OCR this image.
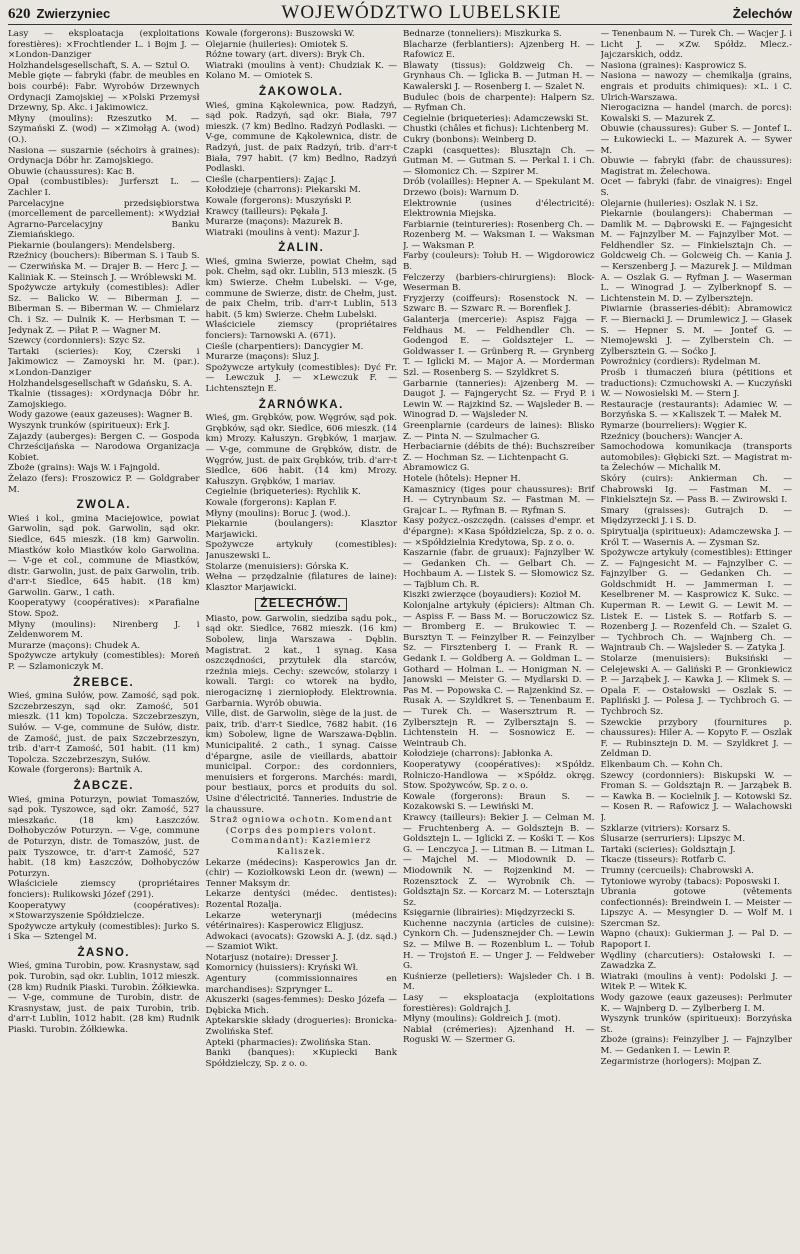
620 Zwierzyniec	WOJEWÓDZTWO LUBELSKIE	Żelechów

Lasy — eksploatacja (exploitations forestières): ×Frochtlender L. i Bojm J. — ×London-Danziger Holzhandelsgesellschaft, S. A. — Sztul O.

Meble gięte — fabryki (fabr. de meubles en bois courbé): Fabr. Wyrobów Drzewnych Ordynacji Zamojskiej — ×Polski Przemysł Drzewny, Sp. Akc. i Jakimowicz.

Młyny (moulins): Rzeszutko M. — Szymański Z. (wod) — ×Zimołąg A. (wod) (O.).

Nasiona — suszarnie (séchoirs à graines): Ordynacja Dóbr hr. Zamojskiego.

Obuwie (chaussures): Kac B.

Opał (combustibles): Jurferszt L. — Zachler I.

Parcelacyjne przedsiębiorstwa (morcellement de parcellement): ×Wydział Agrarno-Parcelacyjny Banku Ziemiańskiego.

Piekarnie (boulangers): Mendelsberg.

Rzeźnicy (bouchers): Biberman S. i Taub S. — Czerwińska M. — Drajer B. — Herc J. — Kaliniak K. — Steinsch J. — Wróblewski M.

Spożywcze artykuły (comestibles): Adler Sz. — Balicko W. — Biberman J. — Biberman S. — Biberman W. — Chmielarz Ch. i Sz. — Dulnik K. — Herbsman T. — Jedynak Z. — Piłat P. — Wagner M.

Szewcy (cordonniers): Szyc Sz.

Tartaki (scieries): Koy, Czerski i Jakimowicz — Zamoyski hr. M. (par.). ×London-Danziger Holzhandelsgesellschaft w Gdańsku, S. A.

Tkalnie (tissages): ×Ordynacja Dóbr hr. Zamojskiego.

Wody gazowe (eaux gazeuses): Wagner B.

Wyszynk trunków (spiritueux): Erk J.

Zajazdy (auberges): Bergen C. — Gospoda Chrześcijańska — Narodowa Organizacja Kobiet.

Zboże (grains): Wajs W. i Fajngold.

Żelazo (fers): Froszowicz P. — Goldgraber M.

ZWOLA.

Wieś i kol., gmina Maciejowice, powiat Garwolin, sąd pok. Garwolin, sąd okr. Siedlce, 645 mieszk. (18 km) Garwolin. Miastków koło Miastków kolo Garwolina. — V-ge et col., commune de Miastków, distr. Garwolin, just. de paix Garwolin, trib. d'arr-t Siedlce, 645 habit. (18 km) Garwolin. Garw., 1 cath.

Kooperatywy (coopératives): ×Parafialne Stow. Spoż.

Młyny (moulins): Nirenberg J. i Zeldenworem M.

Murarze (maçons): Chudek A.

Spożywcze artykuły (comestibles): Moreń P. — Szlamoniczyk M.

ŻREBCE.

Wieś, gmina Sułów, pow. Zamość, sąd pok. Szczebrzeszyn, sąd okr. Zamość, 501 mieszk. (11 km) Topolcza. Szczebrzeszyn, Sułów. — V-ge, commune de Sułów, distr. de Zamość, just. de paix Szczebrzeszyn, trib. d'arr-t Zamość, 501 habit. (11 km) Topolcza. Szczebrzeszyn, Sułów.

Kowale (forgerons): Bartnik A.

ŻABCZE.

Wieś, gmina Poturzyn, powiat Tomaszów, sąd pok. Tyszowce, sąd okr. Zamość, 527 mieszkańc. (18 km) Łaszczów. Dołhobyczów Poturzyn. — V-ge, commune de Poturzyn, distr. de Tomaszów, just. de paix Tyszowce, tr. d'arr-t Zamość, 527 habit. (18 km) Łaszczów, Dołhobyczów Poturzyn.

Właściciele ziemscy (propriétaires fonciers): Rulikowski Józef (291).

Kooperatywy (coopératives): ×Stowarzyszenie Spółdzielcze.

Spożywcze artykuły (comestibles): Jurko S. i Ska — Sztengel M.

ŻASNO.

Wieś, gmina Turobin, pow. Krasnystaw, sąd pok. Turobin, sąd okr. Lublin, 1012 mieszk. (28 km) Rudnik Piaski. Turobin. Żółkiewka. — V-ge, commune de Turobin, distr. de Krasnystaw, just. de paix Turobin, trib. d'arr-t Lublin, 1012 habit. (28 km) Rudnik Piaski. Turobin. Żółkiewka.

Kowale (forgerons): Buszowski W.

Olejarnie (huileries): Omiotek S.

Różne towary (art. divers): Bryk Ch.

Wiatraki (moulins à vent): Chudziak K. — Kolano M. — Omiotek S.

ŻAKOWOLA.

Wieś, gmina Kąkolewnica, pow. Radzyń, sąd pok. Radzyń, sąd okr. Biała, 797 mieszk. (7 km) Bedlno. Radzyń Podlaski. — V-ge, commune de Kąkolewnica, distr. de Radzyń, just. de paix Radzyń, trib. d'arr-t Biała, 797 habit. (7 km) Bedlno, Radzyń Podlaski.

Cieśle (charpentiers): Zając J.

Kołodzieje (charrons): Piekarski M.

Kowale (forgerons): Muszyński P.

Krawcy (tailleurs): Pękała J.

Murarze (maçons): Mazurek B.

Wiatraki (moulins à vent): Mazur J.

ŻALIN.

Wieś, gmina Swierze, powiat Chełm, sąd pok. Chełm, sąd okr. Lublin, 513 mieszk. (5 km) Swierze. Chełm Lubelski. — V-ge, commune de Swierze, distr. de Chełm, just. de paix Chełm, trib. d'arr-t Lublin, 513 habit. (5 km) Swierze. Chełm Lubelski.

Właściciele ziemscy (propriétaires fonciers): Tarnowski A. (671).

Cieśle (charpentiers): Dancygier M.

Murarze (maçons): Sluz J.

Spożywcze artykuły (comestibles): Dyć Fr. — Lewczuk J. — ×Lewczuk F. — Lichtensztejn E.

ŻARNÓWKA.

Wieś, gm. Grębków, pow. Węgrów, sąd pok. Grębków, sąd okr. Siedlce, 606 mieszk. (14 km) Mrozy. Kałuszyn. Grębków, 1 marjaw. — V-ge, commune de Grębków, distr. de Węgrów, just. de paix Grębków, trib. d'arr-t Siedlce, 606 habit. (14 km) Mrozy. Kałuszyn. Grębków, 1 mariav.

Cegielnie (briqueteries): Rychlik K.

Kowale (forgerons): Kaplan F.

Młyny (moulins): Boruc J. (wod.).

Piekarnie (boulangers): Klasztor Marjawicki.

Spożywcze artykuły (comestibles): Januszewski L.

Stolarze (menuisiers): Górska K.

Wełna — przędzalnie (filatures de laine): Klasztor Marjawicki.

ŻELECHÓW.

Miasto, pow. Garwolin, siedziba sądu pok., sąd okr. Siedlce, 7682 mieszk. (16 km) Sobolew, linja Warszawa - Dęblin. Magistrat. 2 kat., 1 synag. Kasa oszczędności, przytułek dla starców, rzeźnia miejs. Cechy: szewców, stolarzy i kowali. Targi: co wtorek na bydło, nierogaciznę i zierniopłody. Elektrownia. Garbarnia. Wyrób obuwia.

Ville, dist. de Garwolin, siège de la just. de paix, trib. d'arr-t Siedlce, 7682 habit. (16 km) Sobolew, ligne de Warszawa-Dęblin. Municipalité. 2 cath., 1 synag. Caisse d'épargne, asile de vieillards, abattoir municipal. Corpor.: des cordonniers, menuisiers et forgerons. Marchés: mardi, pour bestiaux, porcs et produits du sol. Usine d'électricité. Tanneries. Industrie de la chaussure.

Straż ogniowa ochotn. Komendant (Corps des pompiers volont. Commandant): Kaziemierz Kaliszek.

Lekarze (médecins): Kasperowics Jan dr. (chir) — Koziołkowski Leon dr. (wewn) — Tenner Maksym dr.

Lekarze dentyści (médec. dentistes): Rozental Rozalja.

Lekarze weterynarji (médecins vétérinaires): Kasperowicz Eligjusz.

Adwokaci (avocats): Gzowski A. J. (dz. sąd.) — Szamiot Wikt.

Notarjusz (notaire): Dresser J.

Komornicy (huissiers): Kryński Wł.

Agentury (commissionnaires en marchandises): Szprynger L.

Akuszerki (sages-femmes): Desko Józefa — Dębicka Mich.

Aptekarskie składy (drogueries): Bronicka-Zwolińska Stef.

Apteki (pharmacies): Zwolińska Stan.

Banki (banques): ×Kupiecki Bank Spółdzielczy, Sp. z o. o.

Bednarze (tonneliers): Miszkurka S.

Blacharze (ferblantiers): Ajzenberg H. — Rafowicz E.

Blawaty (tissus): Goldzweig Ch. — Grynhaus Ch. — Iglicka B. — Jutman H. — Kawalerski J. — Rosenberg I. — Szalet N.

Budulec (bois de charpente): Halpern Sz. — Ryfman Ch.

Cegielnie (briqueteries): Adamczewski St.

Chustki (châles et fichus): Lichtenberg M.

Cukry (bonbons): Weinberg D.

Czapki (casquettes): Blusztajn Ch. — Gutman M. — Gutman S. — Perkal I. i Ch. — Słomonicz Ch. — Szpirer M.

Drób (volailles): Hepner A. — Spekulant M.

Drzewo (bois): Warnum D.

Elektrownie (usines d'électricité): Elektrownia Miejska.

Farbiarnie (teintureries): Rosenberg Ch. — Rozenberg M. — Waksman I. — Waksman J. — Waksman P.

Farby (couleurs): Tołub H. — Wigdorowicz B.

Felczerzy (barbiers-chirurgiens): Block-Weserman B.

Fryzjerzy (coiffeurs): Rosenstock N. — Szwarc B. — Szwarc R. — Borenflek J.

Galanterja (mercerie): Aspisz Fajga — Feldhaus M. — Feldhendler Ch. — Godengod E. — Goldsztejer L. — Goldwasser I. — Grünberg R. — Grynberg T. — Iglicki M. — Major A. — Morderman Szl. — Rosenberg S. — Szyldkret S.

Garbarnie (tanneries): Ajzenberg M. — Daugot J. — Fajngerycht Sz. — Fryd P. i Lewin W. — Rajzkind Sz. — Wajsleder B. — Winograd D. — Wajsleder N.

Greenplarnie (cardeurs de laines): Blisko Z. — Pinta N. — Szulmacher G.

Herbaciarnie (débits de thé): Buchszreiber Z. — Hochman Sz. — Lichtenpacht G.

Abramowicz G.

Hotele (hôtels): Hepner H.

Kamasznicy (tiges pour chaussures): Brif H. — Cytrynbaum Sz. — Fastman M. — Grajcar L. — Ryfman B. — Ryfman S.

Kasy pożycz.-oszczędn. (caisses d'empr. et d'épargne): ×Kasa Spółdzielcza, Sp. z o. o. — ×Spółdzielnia Kredytowa, Sp. z o. o.

Kaszarnie (fabr. de gruaux): Fajnzylber W. — Gedanken Ch. — Gelbart Ch. — Hochbaum A. — Listek S. — Słomowicz Sz. — Tajblum Ch. R.

Kiszki zwierzęce (boyaudiers): Kozioł M.

Kolonjalne artykuły (épiciers): Altman Ch. — Aspiss F. — Bass M. — Boruczowicz Sz. — Bromberg E. — Brukowiec T. — Bursztyn T. — Feinzylber R. — Feinzylber Sz. — Firsztenberg I. — Frank R. — Gedank I. — Goldberg A. — Goldman L. — Gothard — Holman L. — Honigman N. — Janowski — Meister G. — Mydlarski D. — Pas M. — Popowska C. — Rajzenkind Sz. — Rusak A. — Szyldkret S. — Tenenbaum E. — Turek Ch. — Wasersztrum R. — Zylbersztejn R. — Zylbersztajn S. — Lichtenstein H. — Sosnowicz E. — Weintraub Ch.

Kołodzieje (charrons): Jabłonka A.

Kooperatywy (coopératives): ×Spółdz. Rolniczo-Handlowa — ×Spółdz. okręg. Stow. Spożywców, Sp. z o. o.

Kowale (forgerons): Braun S. — Kozakowski S. — Lewiński M.

Krawcy (tailleurs): Bekier J. — Celman M. — Fruchtenberg A. — Goldsztejn B. — Goldsztejn L. — Iglicki Z. — Kośki T. — Kos G. — Lenczyca J. — Litman B. — Litman L. — Majchel M. — Miodownik D. — Miodownik N. — Rojzenkind M. — Rozensztock Z. — Wyrobnik Ch. — Goldsztajn Sz. — Korcarz M. — Lotersztajn Sz.

Księgarnie (librairies): Międzyrzecki S.

Kuchenne naczynia (articles de cuisine): Cynkorn Ch. — Judensznejder Ch. — Lewin Sz. — Milwe B. — Rozenblum L. — Tołub H. — Trojstoń E. — Unger J. — Feldweber G.

Kuśnierze (pelletiers): Wajsleder Ch. i B. M.

Lasy — eksploatacja (exploitations forestières): Goldrajch J.

Młyny (moulins): Goldreich J. (mot).

Nabiał (crémeries): Ajzenhand H. — Roguski W. — Szermer G.

— Tenenbaum N. — Turek Ch. — Wacjer J. i Licht J. — ×Zw. Spółdz. Mlecz.-Jajczarskich, oddz.

Nasiona (graines): Kasprowicz S.

Nasiona — nawozy — chemikalja (grains, engrais et produits chimiques): ×L. i C. Ulrich-Warszawa.

Nierogacizna — handel (march. de porcs): Kowalski S. — Mazurek Z.

Obuwie (chaussures): Guber S. — Jontef L. — Łukowiecki L. — Mazurek A. — Sywer M.

Obuwie — fabryki (fabr. de chaussures): Magistrat m. Żelechowa.

Ocet — fabryki (fabr. de vinaigres): Engel S.

Olejarnie (huileries): Oszlak N. i Sz.

Piekarnie (boulangers): Chaberman — Damlik M. — Dąbrowski E. — Fajngesicht M. — Fajnzylber M. — Fajnzylber Mot. — Feldhendler Sz. — Finkielsztajn Ch. — Goldcweig Ch. — Golcweig Ch. — Kania J. — Kerszenberg J. — Mazurek J. — Mildman A. — Oszlak G. — Ryfman J. — Waserman L. — Winograd J. — Zylberknopf S. — Lichtenstein M. D. — Zylbersztejn.

Piwiarnie (brasseries-débit): Abramowicz F. — Biernacki J. — Drumlewicz J. — Głasek S. — Hepner S. M. — Jontef G. — Niemojewski J. — Zylberstein Ch. — Zylbersztein G. — Soćko J.

Powroźnicy (cordiers): Rydelman M.

Prośb i tłumaczeń biura (pétitions et traductions): Czmuchowski A. — Kuczyński W. — Nowosielski M. — Stern J.

Restauracje (restaurants): Adamiec W. — Borzyńska S. — ×Kaliszek T. — Małek M.

Rymarze (bourreliers): Węgier K.

Rzeźnicy (bouchers): Wancjer A.

Samochodowa komunikacja (transports automobiles): Głębicki Szt. — Magistrat m-ta Żelechów — Michalik M.

Skóry (cuirs): Ankierman Ch. — Chabrowski Ig. — Fastman M. — Finkielsztejn Sz. — Pass B. — Zwirowski I.

Smary (graisses): Gutrajch D. — Międzyrzecki J. i S. D.

Spirytualja (spiritueux): Adamczewska J. — Król T. — Wasernis A. — Zysman Sz.

Spożywcze artykuły (comestibles): Ettinger Z. — Fajngesicht M. — Fajnzylber C. — Fajnzylber G. — Gedanken Ch. — Goldschmidt H. — Jammerman I. — Keselbrener M. — Kasprowicz K. Sukc. — Kuperman R. — Lewit G. — Lewit M. — Listek E. — Listek S. — Rotfarb S. — Rozenberg J. — Rozenfeld Ch. — Szalet G. — Tychbroch Ch. — Wajnberg Ch. — Wajntraub Ch. — Wajsleder S. — Zatyka J.

Stolarze (menuisiers): Buksiński — Celejewski A. — Galiński P. — Gronkiewicz P. — Jarząbek J. — Kawka J. — Klimek S. — Opala F. — Ostałowski — Oszlak S. — Papliński J. — Polesa J. — Tychbroch G. — Tychbroch Sz.

Szewckie przybory (fournitures p. chaussures): Hiler A. — Kopyto F. — Oszlak F. — Rubinsztejn D. M. — Szyldkret J. — Zeldman D.

Elkenbaum Ch. — Kohn Ch.

Szewcy (cordonniers): Biskupski W. — Froman S. — Goldsztajn R. — Jarząbek B. — Kawka B. — Kocielnik J. — Kotowski Sz. — Kosen R. — Rafowicz J. — Walachowski J.

Szklarze (vitriers): Korsarz S.

Ślusarze (serruriers): Lipszyc M.

Tartaki (scieries): Goldsztajn J.

Tkacze (tisseurs): Rotfarb C.

Trumny (cercueils): Chabrowski A.

Tytoniowe wyroby (tabacs): Poposwski I.

Ubrania gotowe (vêtements confectionnés): Breindwein I. — Meister — Lipszyc A. — Mesyngier D. — Wolf M. i Szercman Sz.

Wapno (chaux): Gukierman J. — Pal D. — Rapoport I.

Wędliny (charcutiers): Ostałowski I. — Zawadzka Z.

Wiatraki (moulins à vent): Podolski J. — Witek P. — Witek K.

Wody gazowe (eaux gazeuses): Perlmuter K. — Wajnberg D. — Zylberberg I. M.

Wyszynk trunków (spiritueux): Borzyńska St.

Zboże (grains): Feinzylber J. — Fajnzylber M. — Gedanken I. — Lewin P.

Zegarmistrze (horlogers): Mojpan Z.
